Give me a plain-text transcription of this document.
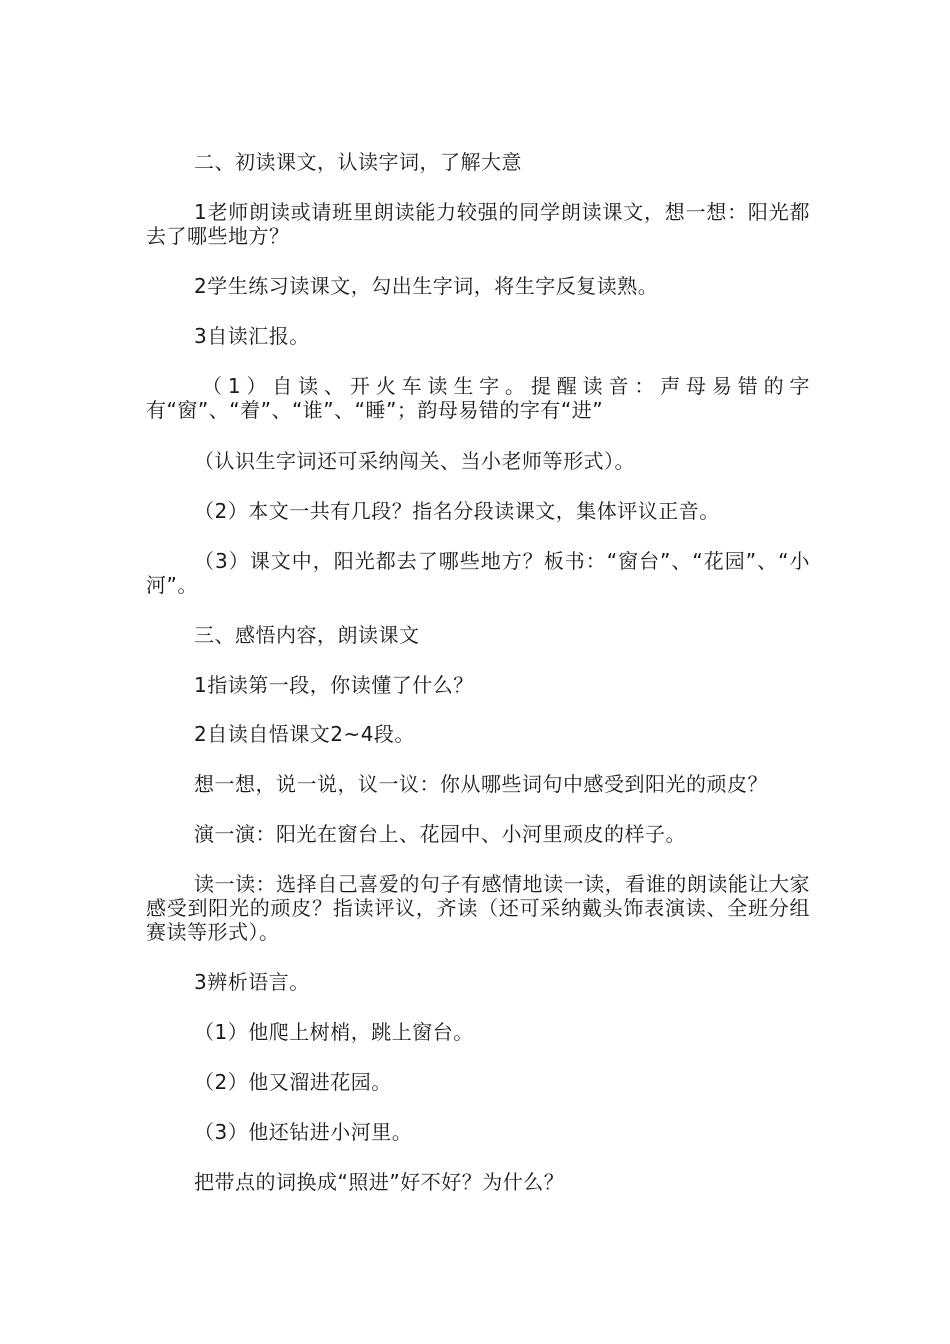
二、初读课文，认读字词，了解大意

1老师朗读或请班里朗读能力较强的同学朗读课文，想一想：阳光都去了哪些地方？

2学生练习读课文，勾出生字词，将生字反复读熟。

3自读汇报。

（1）自读、开火车读生字。提醒读音：声母易错的字有“窗”、“着”、“谁”、“睡”；韵母易错的字有“进”

（认识生字词还可采纳闯关、当小老师等形式）。

（2）本文一共有几段？指名分段读课文，集体评议正音。

（3）课文中，阳光都去了哪些地方？板书：“窗台”、“花园”、“小河”。

三、感悟内容，朗读课文

1指读第一段，你读懂了什么？

2自读自悟课文2~4段。

想一想，说一说，议一议：你从哪些词句中感受到阳光的顽皮？

演一演：阳光在窗台上、花园中、小河里顽皮的样子。

读一读：选择自己喜爱的句子有感情地读一读，看谁的朗读能让大家感受到阳光的顽皮？指读评议，齐读（还可采纳戴头饰表演读、全班分组赛读等形式）。

3辨析语言。

（1）他爬上树梢，跳上窗台。

（2）他又溜进花园。

（3）他还钻进小河里。

把带点的词换成“照进”好不好？为什么？
